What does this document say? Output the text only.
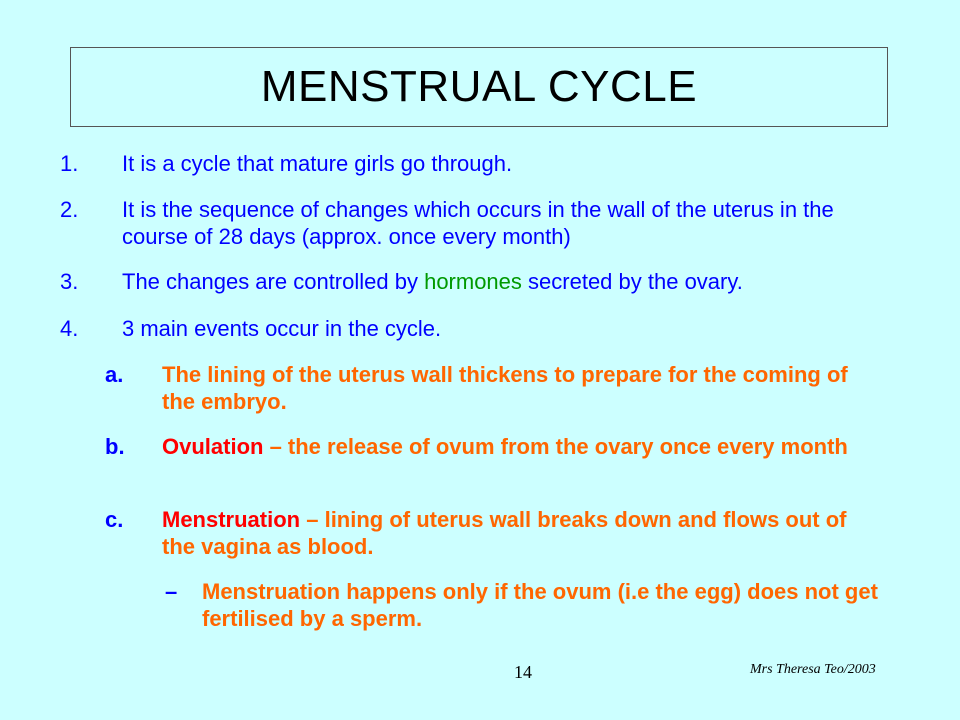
MENSTRUAL CYCLE
1. It is a cycle that mature girls go through.
2. It is the sequence of changes which occurs in the wall of the uterus in the course of 28 days (approx. once every month)
3. The changes are controlled by hormones secreted by the ovary.
4. 3 main events occur in the cycle.
a. The lining of the uterus wall thickens to prepare for the coming of the embryo.
b. Ovulation – the release of ovum from the ovary once every month
c. Menstruation – lining of uterus wall breaks down and flows out of the vagina as blood.
– Menstruation happens only if the ovum (i.e the egg) does not get fertilised by a sperm.
14	Mrs Theresa Teo/2003
